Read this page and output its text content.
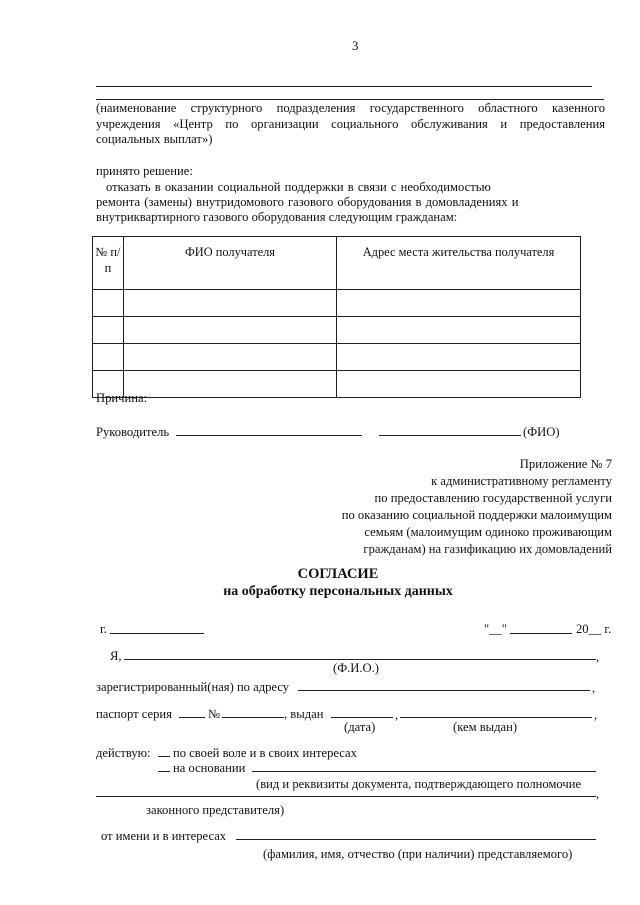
3
(наименование структурного подразделения государственного областного казенного
учреждения «Центр по организации социального обслуживания и предоставления
социальных выплат»)
принято решение:
отказать в оказании социальной поддержки в связи с необходимостью
ремонта (замены) внутридомового газового оборудования в домовладениях и
внутриквартирного газового оборудования следующим гражданам:
№ п/п	ФИО получателя	Адрес места жительства получателя

Причина:
Руководитель	(ФИО)
Приложение № 7
к административному регламенту
по предоставлению государственной услуги
по оказанию социальной поддержки малоимущим
семьям (малоимущим одиноко проживающим
гражданам) на газификацию их домовладений
СОГЛАСИЕ
на обработку персональных данных
г.	"__"	20__ г.
Я,	,
(Ф.И.О.)
зарегистрированный(ная) по адресу	,
паспорт серия	№	, выдан	,	,
(дата)	(кем выдан)
действую: по своей воле и в своих интересах
на основании
(вид и реквизиты документа, подтверждающего полномочие
,
законного представителя)
от имени и в интересах
(фамилия, имя, отчество (при наличии) представляемого)
